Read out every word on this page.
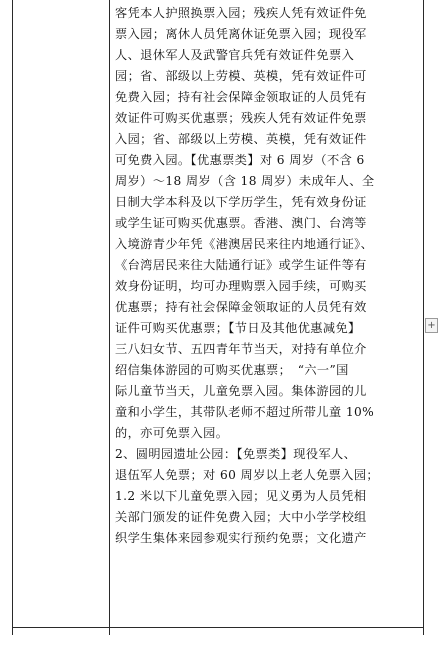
客凭本人护照换票入园；残疾人凭有效证件免
票入园；离休人员凭离休证免票入园；现役军
人、退休军人及武警官兵凭有效证件免票入
园；省、部级以上劳模、英模，凭有效证件可
免费入园；持有社会保障金领取证的人员凭有
效证件可购买优惠票；残疾人凭有效证件免票
入园；省、部级以上劳模、英模，凭有效证件
可免费入园。【优惠票类】对 6 周岁（不含 6
周岁）～18 周岁（含 18 周岁）未成年人、全
日制大学本科及以下学历学生，凭有效身份证
或学生证可购买优惠票。香港、澳门、台湾等
入境游青少年凭《港澳居民来往内地通行证》、
《台湾居民来往大陆通行证》或学生证件等有
效身份证明，均可办理购票入园手续，可购买
优惠票；持有社会保障金领取证的人员凭有效
证件可购买优惠票；【节日及其他优惠减免】
三八妇女节、五四青年节当天，对持有单位介
绍信集体游园的可购买优惠票；　“六一”国
际儿童节当天，儿童免票入园。集体游园的儿
童和小学生，其带队老师不超过所带儿童 10%
的，亦可免票入园。
2、圆明园遗址公园：【免票类】现役军人、
退伍军人免票；对 60 周岁以上老人免票入园；
1.2 米以下儿童免票入园；见义勇为人员凭相
关部门颁发的证件免费入园；大中小学学校组
织学生集体来园参观实行预约免票；文化遗产
+
